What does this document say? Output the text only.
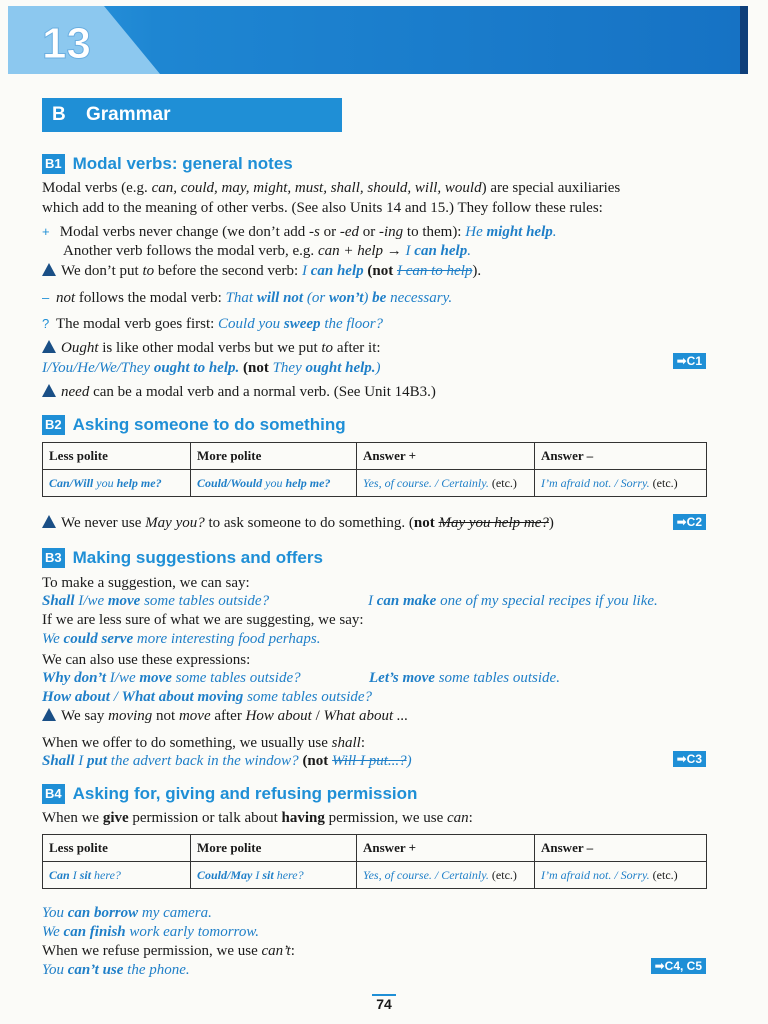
13
B Grammar
B1 Modal verbs: general notes
Modal verbs (e.g. can, could, may, might, must, shall, should, will, would) are special auxiliaries
which add to the meaning of other verbs. (See also Units 14 and 15.) They follow these rules:
+ Modal verbs never change (we don’t add -s or -ed or -ing to them): He might help.
Another verb follows the modal verb, e.g. can + help → I can help.
We don’t put to before the second verb: I can help (not I can to help).
– not follows the modal verb: That will not (or won’t) be necessary.
? The modal verb goes first: Could you sweep the floor?
Ought is like other modal verbs but we put to after it:
I/You/He/We/They ought to help. (not They ought help.)	➡C1
need can be a modal verb and a normal verb. (See Unit 14B3.)
B2 Asking someone to do something
Less polite	More polite	Answer +	Answer –
Can/Will you help me?	Could/Would you help me?	Yes, of course. / Certainly. (etc.)	I’m afraid not. / Sorry. (etc.)
We never use May you? to ask someone to do something. (not May you help me?)	➡C2
B3 Making suggestions and offers
To make a suggestion, we can say:
Shall I/we move some tables outside?	I can make one of my special recipes if you like.
If we are less sure of what we are suggesting, we say:
We could serve more interesting food perhaps.
We can also use these expressions:
Why don’t I/we move some tables outside?	Let’s move some tables outside.
How about / What about moving some tables outside?
We say moving not move after How about / What about ...
When we offer to do something, we usually use shall:
Shall I put the advert back in the window? (not Will I put...?)	➡C3
B4 Asking for, giving and refusing permission
When we give permission or talk about having permission, we use can:
Less polite	More polite	Answer +	Answer –
Can I sit here?	Could/May I sit here?	Yes, of course. / Certainly. (etc.)	I’m afraid not. / Sorry. (etc.)
You can borrow my camera.
We can finish work early tomorrow.
When we refuse permission, we use can’t:
You can’t use the phone.	➡C4, C5
74
